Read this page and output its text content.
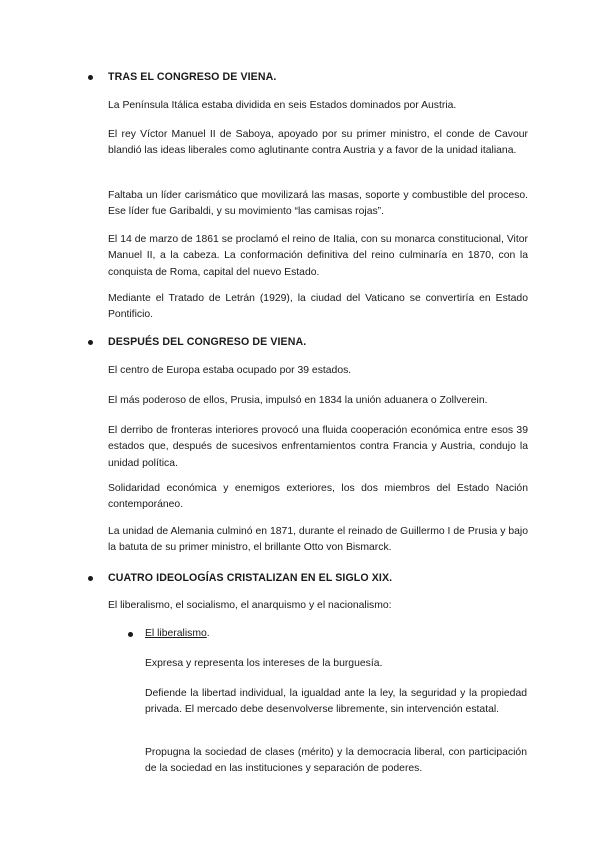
TRAS EL CONGRESO DE VIENA.

La Península Itálica estaba dividida en seis Estados dominados por Austria.

El rey Víctor Manuel II de Saboya, apoyado por su primer ministro, el conde de Cavour blandió las ideas liberales como aglutinante contra Austria y a favor de la unidad italiana.

Faltaba un líder carismático que movilizará las masas, soporte y combustible del proceso. Ese líder fue Garibaldi, y su movimiento “las camisas rojas”.

El 14 de marzo de 1861 se proclamó el reino de Italia, con su monarca constitucional, Vitor Manuel II, a la cabeza. La conformación definitiva del reino culminaría en 1870, con la conquista de Roma, capital del nuevo Estado.

Mediante el Tratado de Letrán (1929), la ciudad del Vaticano se convertiría en Estado Pontificio.

DESPUÉS DEL CONGRESO DE VIENA.

El centro de Europa estaba ocupado por 39 estados.

El más poderoso de ellos, Prusia, impulsó en 1834 la unión aduanera o Zollverein.

El derribo de fronteras interiores provocó una fluida cooperación económica entre esos 39 estados que, después de sucesivos enfrentamientos contra Francia y Austria, condujo la unidad política.

Solidaridad económica y enemigos exteriores, los dos miembros del Estado Nación contemporáneo.

La unidad de Alemania culminó en 1871, durante el reinado de Guillermo I de Prusia y bajo la batuta de su primer ministro, el brillante Otto von Bismarck.

CUATRO IDEOLOGÍAS CRISTALIZAN EN EL SIGLO XIX.

El liberalismo, el socialismo, el anarquismo y el nacionalismo:

El liberalismo.

Expresa y representa los intereses de la burguesía.

Defiende la libertad individual, la igualdad ante la ley, la seguridad y la propiedad privada. El mercado debe desenvolverse libremente, sin intervención estatal.

Propugna la sociedad de clases (mérito) y la democracia liberal, con participación de la sociedad en las instituciones y separación de poderes.
